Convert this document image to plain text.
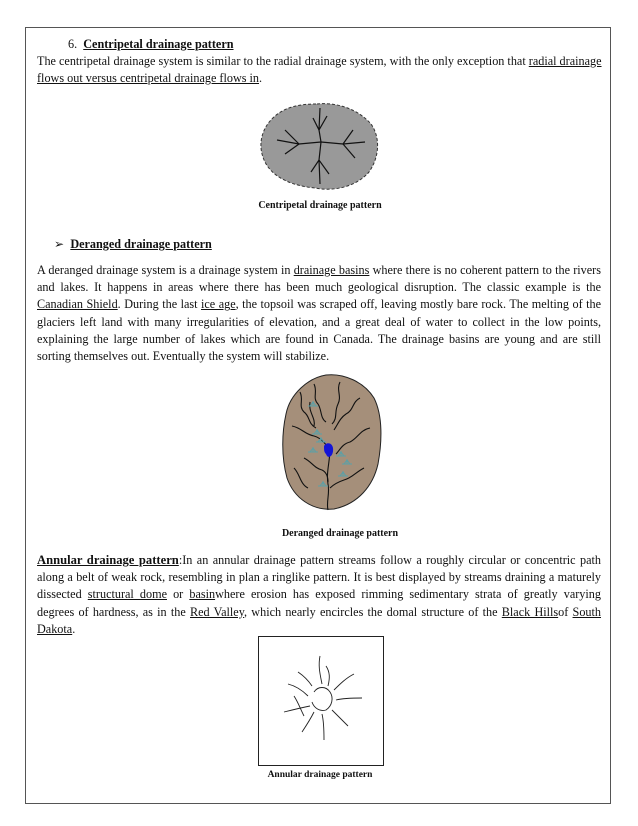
6. Centripetal drainage pattern
The centripetal drainage system is similar to the radial drainage system, with the only exception that radial drainage flows out versus centripetal drainage flows in.
Centripetal drainage pattern
➢ Deranged drainage pattern
A deranged drainage system is a drainage system in drainage basins where there is no coherent pattern to the rivers and lakes. It happens in areas where there has been much geological disruption. The classic example is the Canadian Shield. During the last ice age, the topsoil was scraped off, leaving mostly bare rock. The melting of the glaciers left land with many irregularities of elevation, and a great deal of water to collect in the low points, explaining the large number of lakes which are found in Canada. The drainage basins are young and are still sorting themselves out. Eventually the system will stabilize.
Deranged drainage pattern
Annular drainage pattern:In an annular drainage pattern streams follow a roughly circular or concentric path along a belt of weak rock, resembling in plan a ringlike pattern. It is best displayed by streams draining a maturely dissected structural dome or basinwhere erosion has exposed rimming sedimentary strata of greatly varying degrees of hardness, as in the Red Valley, which nearly encircles the domal structure of the Black Hillsof South Dakota.
Annular drainage pattern
